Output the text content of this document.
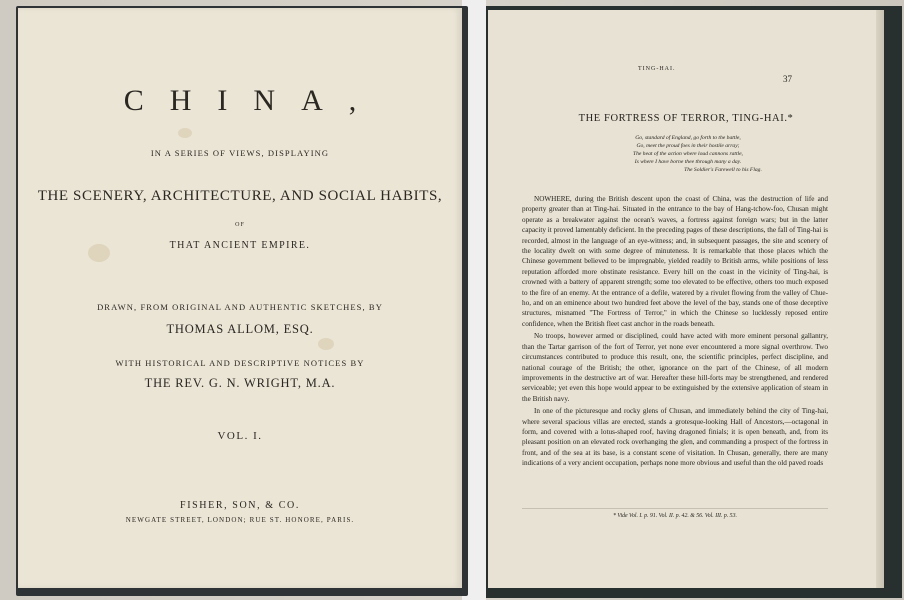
CHINA,
IN A SERIES OF VIEWS, DISPLAYING
THE SCENERY, ARCHITECTURE, AND SOCIAL HABITS,
OF
THAT ANCIENT EMPIRE.
DRAWN, FROM ORIGINAL AND AUTHENTIC SKETCHES, BY
THOMAS ALLOM, ESQ.
WITH HISTORICAL AND DESCRIPTIVE NOTICES BY
THE REV. G. N. WRIGHT, M.A.
VOL. I.
FISHER, SON, & CO.
NEWGATE STREET, LONDON; RUE ST. HONORE, PARIS.
TING-HAI.
37
THE FORTRESS OF TERROR, TING-HAI.*
Go, standard of England, go forth to the battle,
Go, meet the proud foes in their hostile array;
The heat of the action where loud cannons rattle,
Is where I have borne thee through many a day.
The Soldier's Farewell to his Flag.

NOWHERE, during the British descent upon the coast of China, was the destruction of life and property greater than at Ting-hai. Situated in the entrance to the bay of Hang-tchow-foo, Chusan might operate as a breakwater against the ocean's waves, a fortress against foreign wars; but in the latter capacity it proved lamentably deficient. In the preceding pages of these descriptions, the fall of Ting-hai is recorded, almost in the language of an eye-witness; and, in subsequent passages, the site and scenery of the locality dwelt on with some degree of minuteness. It is remarkable that those places which the Chinese government believed to be impregnable, yielded readily to British arms, while positions of less reputation afforded more obstinate resistance. Every hill on the coast in the vicinity of Ting-hai, is crowned with a battery of apparent strength; some too elevated to be effective, others too much exposed to the fire of an enemy. At the entrance of a defile, watered by a rivulet flowing from the valley of Chue-ho, and on an eminence about two hundred feet above the level of the bay, stands one of those deceptive structures, misnamed "The Fortress of Terror," in which the Chinese so lucklessly reposed entire confidence, when the British fleet cast anchor in the roads beneath.

No troops, however armed or disciplined, could have acted with more eminent personal gallantry, than the Tartar garrison of the fort of Terror, yet none ever encountered a more signal overthrow. Two circumstances contributed to produce this result, one, the scientific principles, perfect discipline, and national courage of the British; the other, ignorance on the part of the Chinese, of all modern improvements in the destructive art of war. Hereafter these hill-forts may be strengthened, and rendered serviceable; yet even this hope would appear to be extinguished by the extensive application of steam in the British navy.

In one of the picturesque and rocky glens of Chusan, and immediately behind the city of Ting-hai, where several spacious villas are erected, stands a grotesque-looking Hall of Ancestors,—octagonal in form, and covered with a lotus-shaped roof, having dragoned finials; it is open beneath, and, from its pleasant position on an elevated rock overhanging the glen, and commanding a prospect of the fortress in front, and of the sea at its base, is a constant scene of visitation. In Chusan, generally, there are many indications of a very ancient occupation, perhaps none more obvious and useful than the old paved roads

* Vide Vol. I. p. 91. Vol. II. p. 42. & 56. Vol. III. p. 53.
